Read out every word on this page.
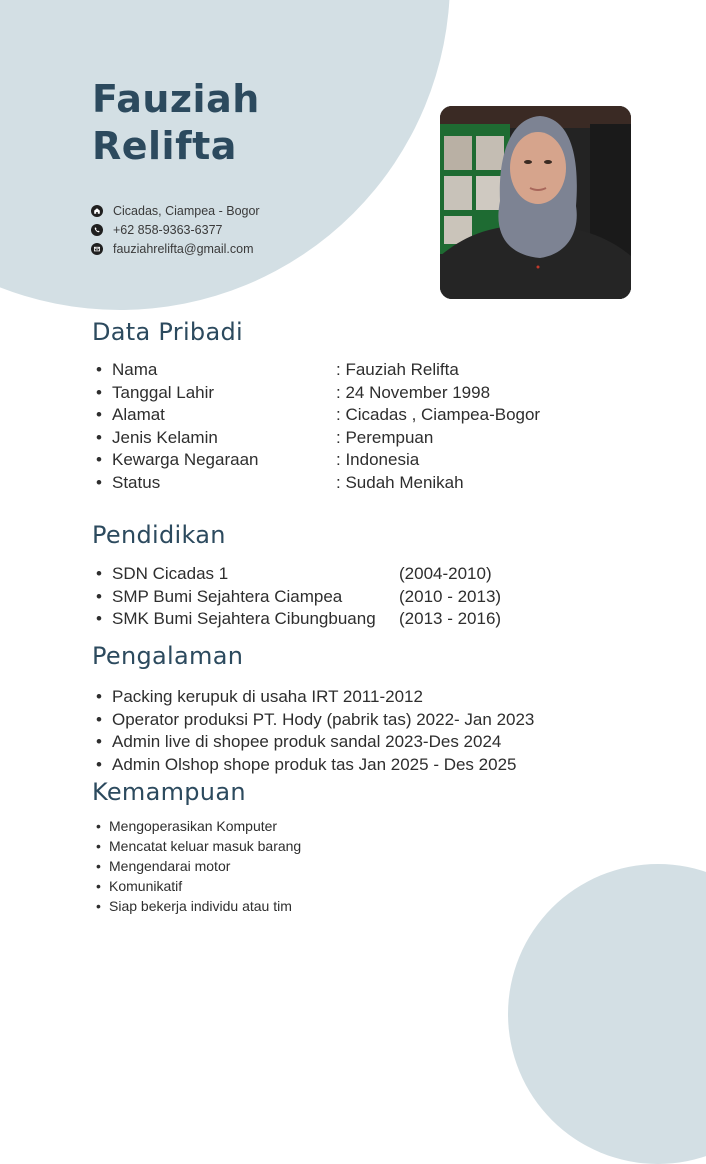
Fauziah
Relifta
Cicadas, Ciampea - Bogor
+62 858-9363-6377
fauziahrelifta@gmail.com
Data Pribadi
• Nama	: Fauziah Relifta
• Tanggal Lahir	: 24 November 1998
• Alamat	: Cicadas , Ciampea-Bogor
• Jenis Kelamin	: Perempuan
• Kewarga Negaraan	: Indonesia
• Status	: Sudah Menikah
Pendidikan
• SDN Cicadas 1	(2004-2010)
• SMP Bumi Sejahtera Ciampea	(2010 - 2013)
• SMK Bumi Sejahtera Cibungbuang (2013 - 2016)
Pengalaman
• Packing kerupuk di usaha IRT 2011-2012
• Operator produksi PT. Hody (pabrik tas) 2022- Jan 2023
• Admin live di shopee produk sandal 2023-Des 2024
• Admin Olshop shope produk tas Jan 2025 - Des 2025
Kemampuan
• Mengoperasikan Komputer
• Mencatat keluar masuk barang
• Mengendarai motor
• Komunikatif
• Siap bekerja individu atau tim
